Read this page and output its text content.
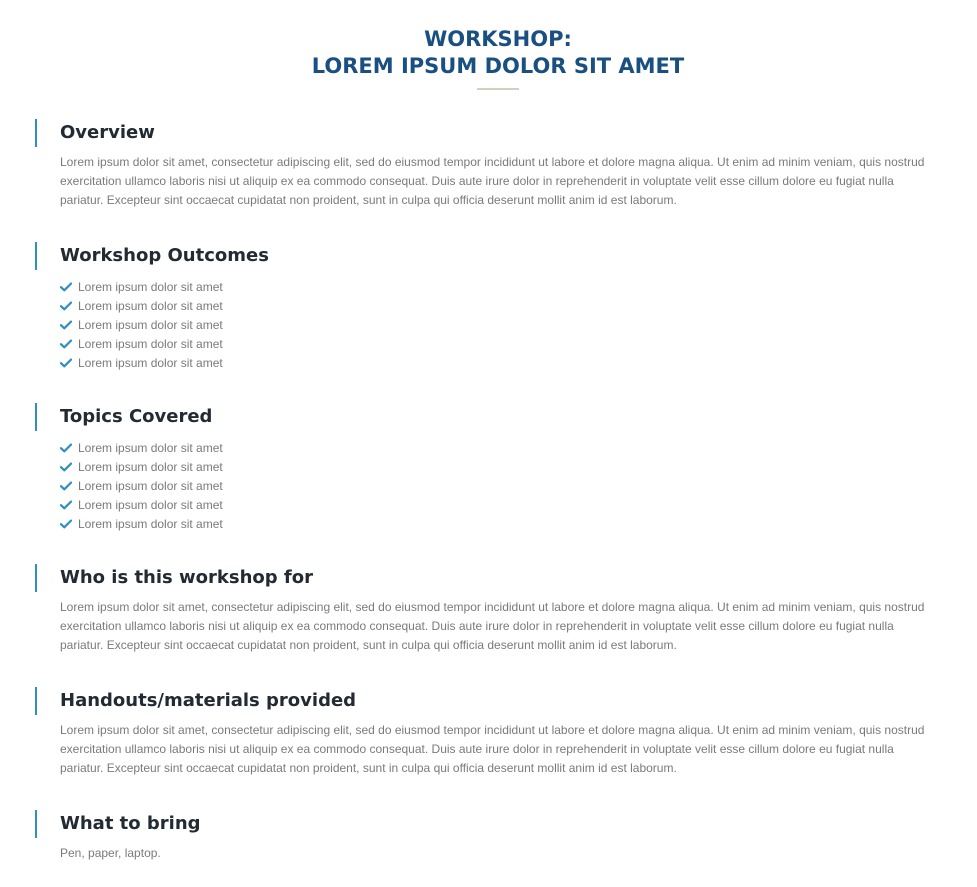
WORKSHOP:
LOREM IPSUM DOLOR SIT AMET
Overview

Lorem ipsum dolor sit amet, consectetur adipiscing elit, sed do eiusmod tempor incididunt ut labore et dolore magna aliqua. Ut enim ad minim veniam, quis nostrud exercitation ullamco laboris nisi ut aliquip ex ea commodo consequat. Duis aute irure dolor in reprehenderit in voluptate velit esse cillum dolore eu fugiat nulla pariatur. Excepteur sint occaecat cupidatat non proident, sunt in culpa qui officia deserunt mollit anim id est laborum.

Workshop Outcomes
Lorem ipsum dolor sit amet
Lorem ipsum dolor sit amet
Lorem ipsum dolor sit amet
Lorem ipsum dolor sit amet
Lorem ipsum dolor sit amet
Topics Covered
Lorem ipsum dolor sit amet
Lorem ipsum dolor sit amet
Lorem ipsum dolor sit amet
Lorem ipsum dolor sit amet
Lorem ipsum dolor sit amet
Who is this workshop for

Lorem ipsum dolor sit amet, consectetur adipiscing elit, sed do eiusmod tempor incididunt ut labore et dolore magna aliqua. Ut enim ad minim veniam, quis nostrud exercitation ullamco laboris nisi ut aliquip ex ea commodo consequat. Duis aute irure dolor in reprehenderit in voluptate velit esse cillum dolore eu fugiat nulla pariatur. Excepteur sint occaecat cupidatat non proident, sunt in culpa qui officia deserunt mollit anim id est laborum.

Handouts/materials provided

Lorem ipsum dolor sit amet, consectetur adipiscing elit, sed do eiusmod tempor incididunt ut labore et dolore magna aliqua. Ut enim ad minim veniam, quis nostrud exercitation ullamco laboris nisi ut aliquip ex ea commodo consequat. Duis aute irure dolor in reprehenderit in voluptate velit esse cillum dolore eu fugiat nulla pariatur. Excepteur sint occaecat cupidatat non proident, sunt in culpa qui officia deserunt mollit anim id est laborum.

What to bring

Pen, paper, laptop.
